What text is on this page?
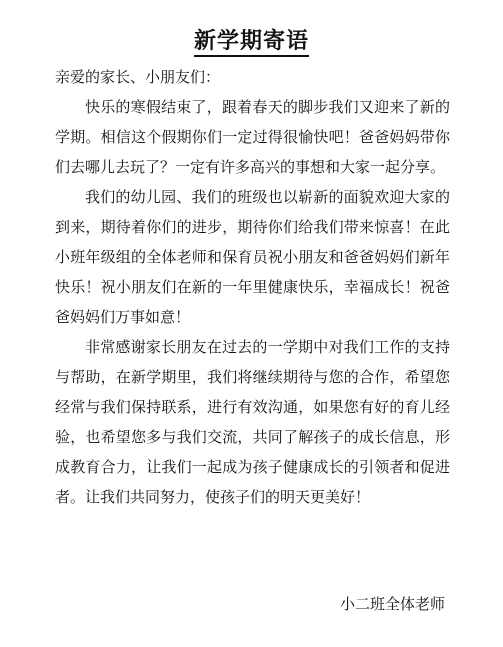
新学期寄语

亲爱的家长、小朋友们：

快乐的寒假结束了，跟着春天的脚步我们又迎来了新的学期。相信这个假期你们一定过得很愉快吧！爸爸妈妈带你们去哪儿去玩了？一定有许多高兴的事想和大家一起分享。

我们的幼儿园、我们的班级也以崭新的面貌欢迎大家的到来，期待着你们的进步，期待你们给我们带来惊喜！在此小班年级组的全体老师和保育员祝小朋友和爸爸妈妈们新年快乐！祝小朋友们在新的一年里健康快乐，幸福成长！祝爸爸妈妈们万事如意！

非常感谢家长朋友在过去的一学期中对我们工作的支持与帮助，在新学期里，我们将继续期待与您的合作，希望您经常与我们保持联系，进行有效沟通，如果您有好的育儿经验，也希望您多与我们交流，共同了解孩子的成长信息，形成教育合力，让我们一起成为孩子健康成长的引领者和促进者。让我们共同努力，使孩子们的明天更美好！

小二班全体老师
